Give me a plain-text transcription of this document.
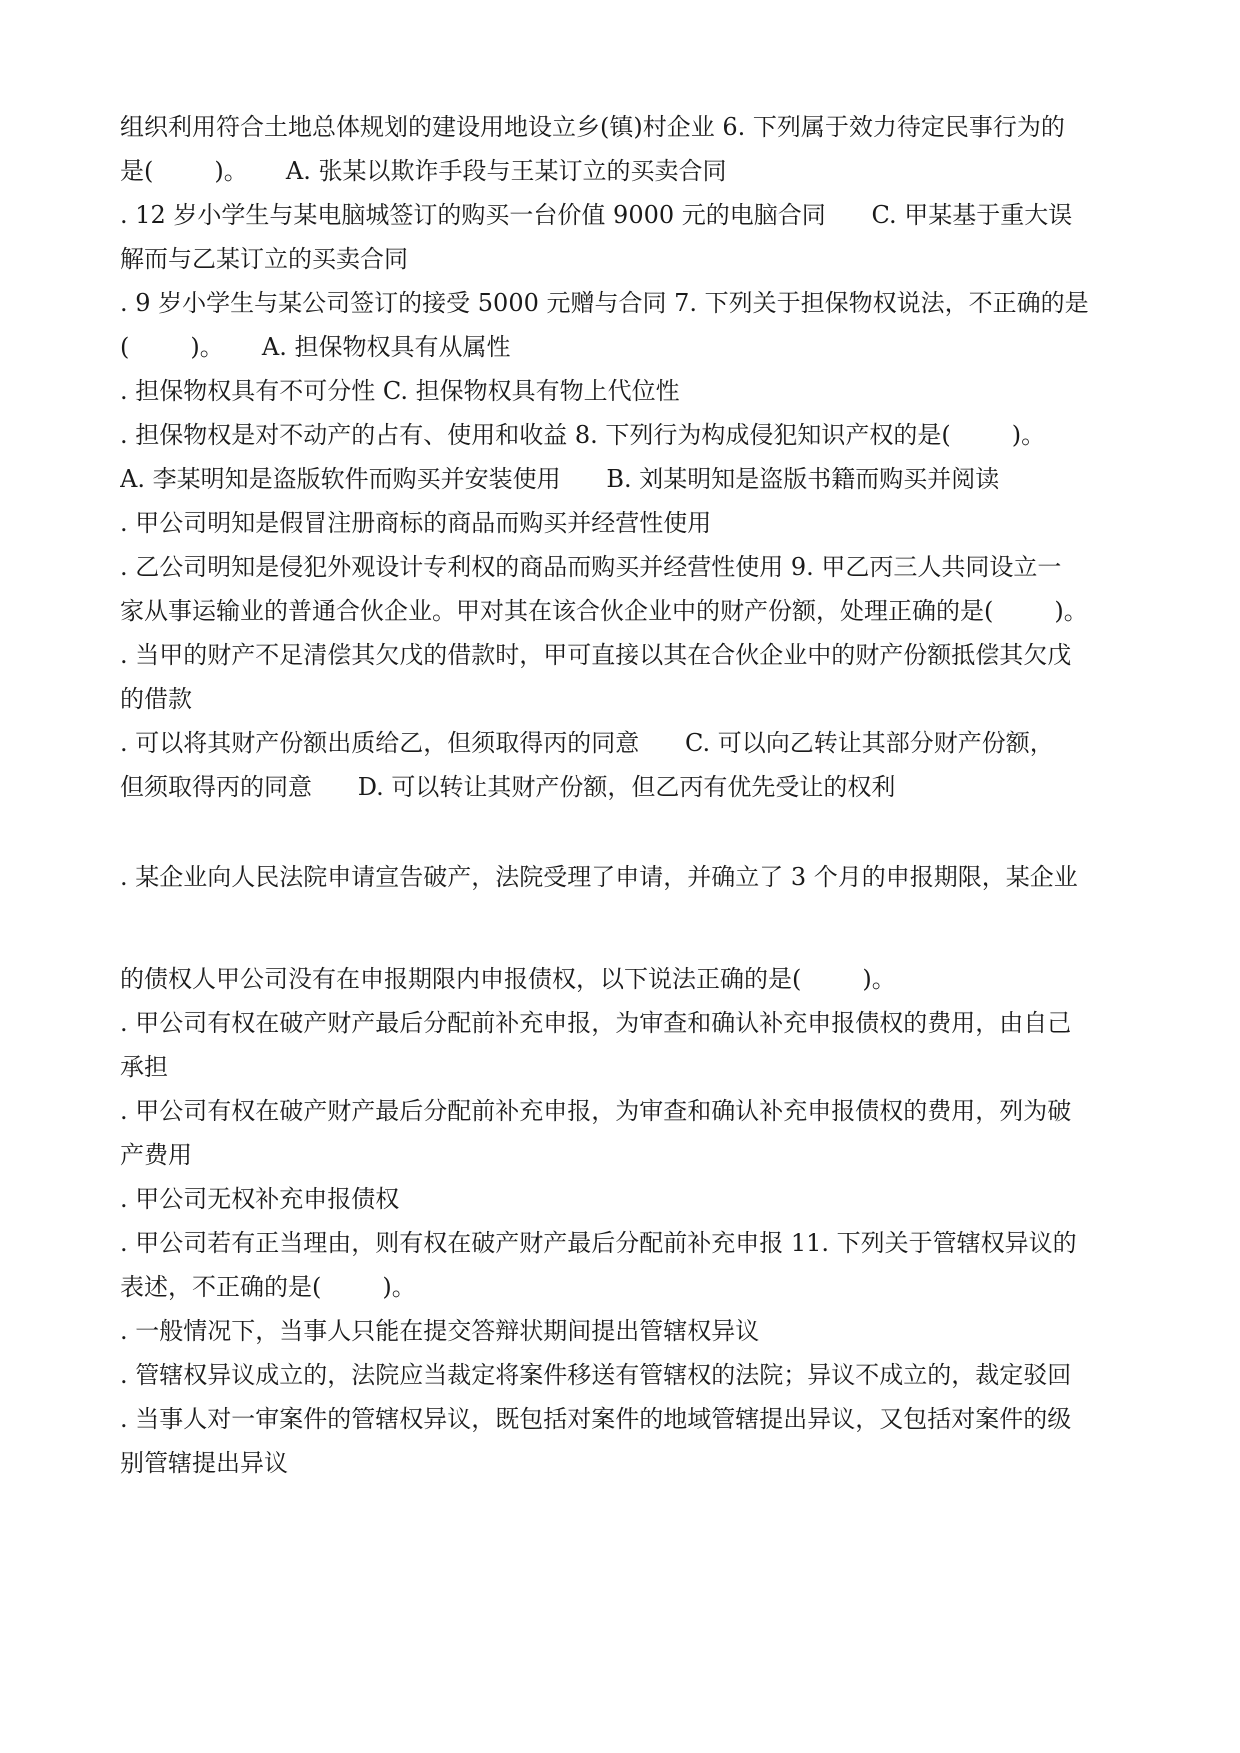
组织利用符合土地总体规划的建设用地设立乡(镇)村企业 6. 下列属于效力待定民事行为的
是(        )。     A. 张某以欺诈手段与王某订立的买卖合同
. 12 岁小学生与某电脑城签订的购买一台价值 9000 元的电脑合同      C. 甲某基于重大误
解而与乙某订立的买卖合同
. 9 岁小学生与某公司签订的接受 5000 元赠与合同 7. 下列关于担保物权说法，不正确的是
(        )。     A. 担保物权具有从属性
. 担保物权具有不可分性 C. 担保物权具有物上代位性
. 担保物权是对不动产的占有、使用和收益 8. 下列行为构成侵犯知识产权的是(        )。
A. 李某明知是盗版软件而购买并安装使用      B. 刘某明知是盗版书籍而购买并阅读
. 甲公司明知是假冒注册商标的商品而购买并经营性使用
. 乙公司明知是侵犯外观设计专利权的商品而购买并经营性使用 9. 甲乙丙三人共同设立一
家从事运输业的普通合伙企业。甲对其在该合伙企业中的财产份额，处理正确的是(        )。
. 当甲的财产不足清偿其欠戊的借款时，甲可直接以其在合伙企业中的财产份额抵偿其欠戊
的借款
. 可以将其财产份额出质给乙，但须取得丙的同意      C. 可以向乙转让其部分财产份额，
但须取得丙的同意      D. 可以转让其财产份额，但乙丙有优先受让的权利
. 某企业向人民法院申请宣告破产，法院受理了申请，并确立了 3 个月的申报期限，某企业
的债权人甲公司没有在申报期限内申报债权，以下说法正确的是(        )。
. 甲公司有权在破产财产最后分配前补充申报，为审查和确认补充申报债权的费用，由自己
承担
. 甲公司有权在破产财产最后分配前补充申报，为审查和确认补充申报债权的费用，列为破
产费用
. 甲公司无权补充申报债权
. 甲公司若有正当理由，则有权在破产财产最后分配前补充申报 11. 下列关于管辖权异议的
表述，不正确的是(        )。
. 一般情况下，当事人只能在提交答辩状期间提出管辖权异议
. 管辖权异议成立的，法院应当裁定将案件移送有管辖权的法院；异议不成立的，裁定驳回
. 当事人对一审案件的管辖权异议，既包括对案件的地域管辖提出异议，又包括对案件的级
别管辖提出异议
